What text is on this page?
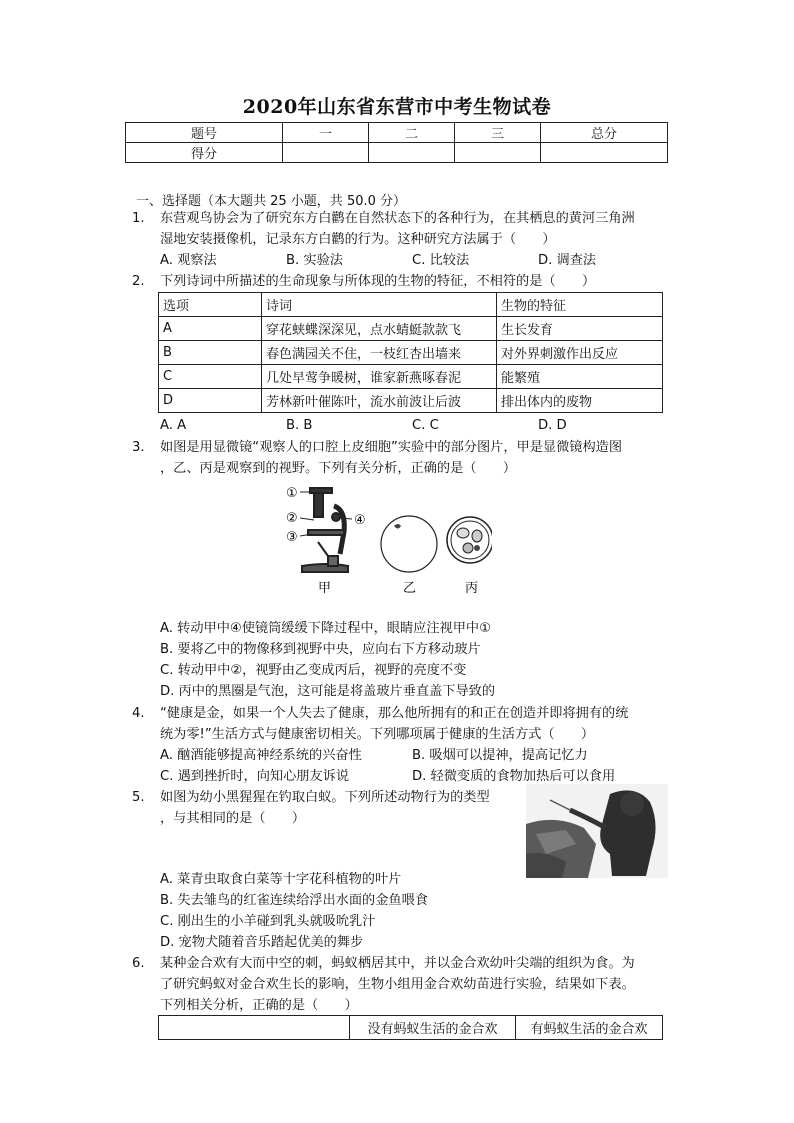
2020年山东省东营市中考生物试卷
题号	一	二	三	总分
得分				
一、选择题（本大题共 25 小题，共 50.0 分）
1. 东营观鸟协会为了研究东方白鹳在自然状态下的各种行为，在其栖息的黄河三角洲
湿地安装摄像机，记录东方白鹳的行为。这种研究方法属于（　　）
A. 观察法	B. 实验法	C. 比较法	D. 调查法
2. 下列诗词中所描述的生命现象与所体现的生物的特征，不相符的是（　　）
选项	诗词	生物的特征
A	穿花蛱蝶深深见，点水蜻蜓款款飞	生长发育
B	春色满园关不住，一枝红杏出墙来	对外界刺激作出反应
C	几处早莺争暖树，谁家新燕啄春泥	能繁殖
D	芳林新叶催陈叶，流水前波让后波	排出体内的废物
A. A	B. B	C. C	D. D
3. 如图是用显微镜“观察人的口腔上皮细胞”实验中的部分图片，甲是显微镜构造图
，乙、丙是观察到的视野。下列有关分析，正确的是（　　）
①
②
③
④
甲	乙	丙
A. 转动甲中④使镜筒缓缓下降过程中，眼睛应注视甲中①
B. 要将乙中的物像移到视野中央，应向右下方移动玻片
C. 转动甲中②，视野由乙变成丙后，视野的亮度不变
D. 丙中的黑圈是气泡，这可能是将盖玻片垂直盖下导致的
4. “健康是金，如果一个人失去了健康，那么他所拥有的和正在创造并即将拥有的统
统为零!”生活方式与健康密切相关。下列哪项属于健康的生活方式（　　）
A. 酗酒能够提高神经系统的兴奋性	B. 吸烟可以提神，提高记忆力
C. 遇到挫折时，向知心朋友诉说	D. 轻微变质的食物加热后可以食用
5. 如图为幼小黑猩猩在钓取白蚁。下列所述动物行为的类型
，与其相同的是（　　）
A. 菜青虫取食白菜等十字花科植物的叶片
B. 失去雏鸟的红雀连续给浮出水面的金鱼喂食
C. 刚出生的小羊碰到乳头就吸吮乳汁
D. 宠物犬随着音乐踏起优美的舞步
6. 某种金合欢有大而中空的刺，蚂蚁栖居其中，并以金合欢幼叶尖端的组织为食。为
了研究蚂蚁对金合欢生长的影响，生物小组用金合欢幼苗进行实验，结果如下表。
下列相关分析，正确的是（　　）
	没有蚂蚁生活的金合欢	有蚂蚁生活的金合欢
